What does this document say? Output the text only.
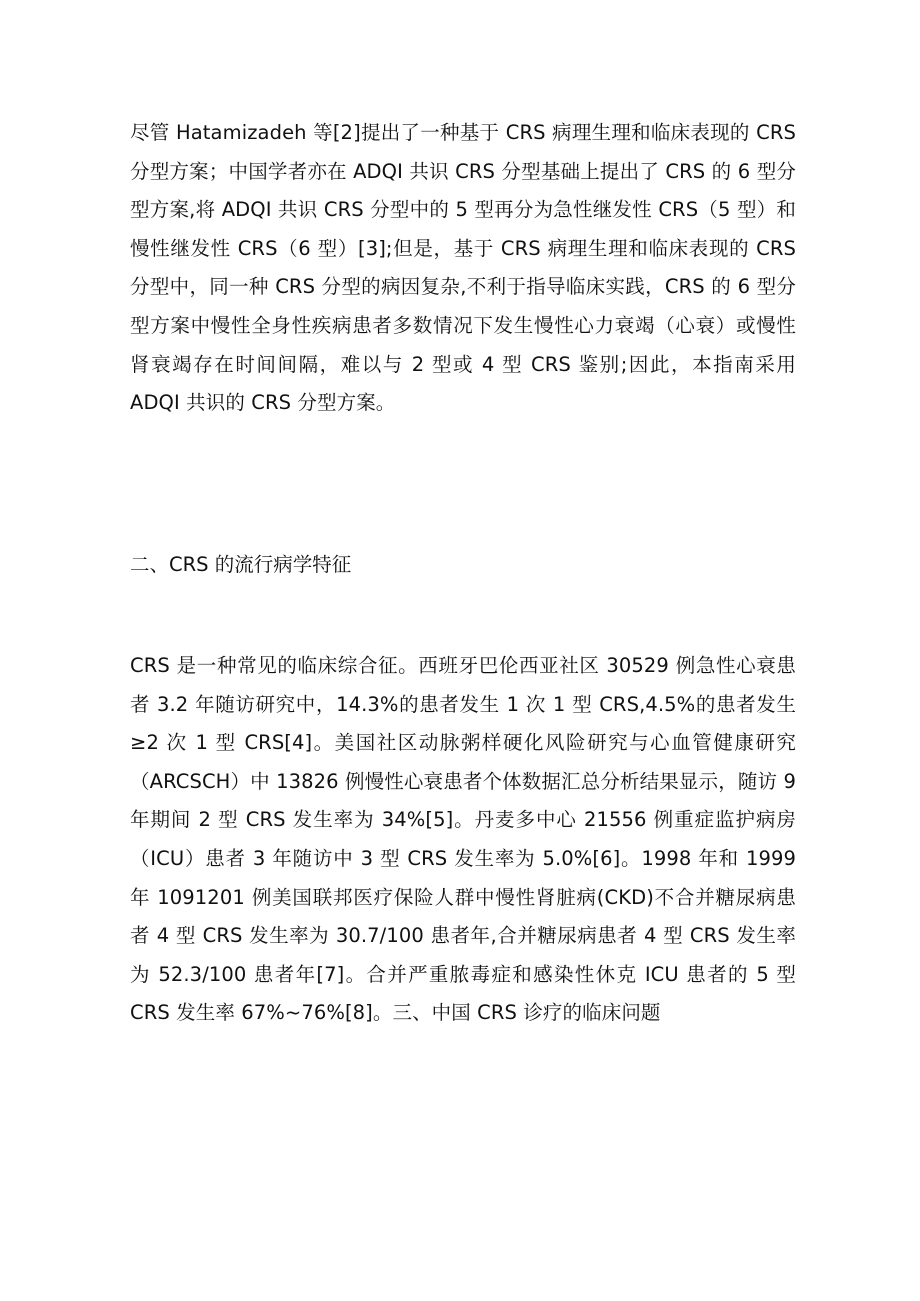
尽管 Hatamizadeh 等[2]提出了一种基于 CRS 病理生理和临床表现的 CRS 分型方案；中国学者亦在 ADQI 共识 CRS 分型基础上提出了 CRS 的 6 型分型方案,将 ADQI 共识 CRS 分型中的 5 型再分为急性继发性 CRS（5 型）和慢性继发性 CRS（6 型）[3];但是，基于 CRS 病理生理和临床表现的 CRS 分型中，同一种 CRS 分型的病因复杂,不利于指导临床实践，CRS 的 6 型分型方案中慢性全身性疾病患者多数情况下发生慢性心力衰竭（心衰）或慢性肾衰竭存在时间间隔，难以与 2 型或 4 型 CRS 鉴别;因此，本指南采用 ADQI 共识的 CRS 分型方案。

二、CRS 的流行病学特征

CRS 是一种常见的临床综合征。西班牙巴伦西亚社区 30529 例急性心衰患者 3.2 年随访研究中，14.3%的患者发生 1 次 1 型 CRS,4.5%的患者发生≥2 次 1 型 CRS[4]。美国社区动脉粥样硬化风险研究与心血管健康研究（ARCSCH）中 13826 例慢性心衰患者个体数据汇总分析结果显示，随访 9 年期间 2 型 CRS 发生率为 34%[5]。丹麦多中心 21556 例重症监护病房（ICU）患者 3 年随访中 3 型 CRS 发生率为 5.0%[6]。1998 年和 1999 年 1091201 例美国联邦医疗保险人群中慢性肾脏病(CKD)不合并糖尿病患者 4 型 CRS 发生率为 30.7/100 患者年,合并糖尿病患者 4 型 CRS 发生率为 52.3/100 患者年[7]。合并严重脓毒症和感染性休克 ICU 患者的 5 型 CRS 发生率 67%~76%[8]。三、中国 CRS 诊疗的临床问题
